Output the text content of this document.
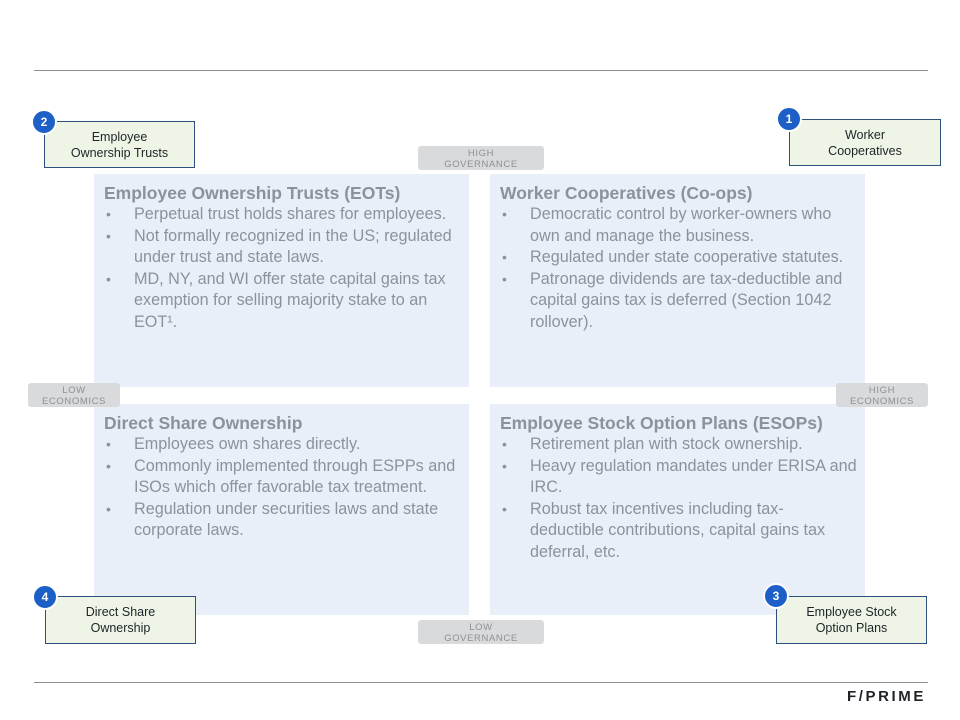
Employee Ownership Trusts (EOTs)
• Perpetual trust holds shares for employees.
• Not formally recognized in the US; regulated under trust and state laws.
• MD, NY, and WI offer state capital gains tax exemption for selling majority stake to an EOT¹.
Worker Cooperatives (Co-ops)
• Democratic control by worker-owners who own and manage the business.
• Regulated under state cooperative statutes.
• Patronage dividends are tax-deductible and capital gains tax is deferred (Section 1042 rollover).
Direct Share Ownership
• Employees own shares directly.
• Commonly implemented through ESPPs and ISOs which offer favorable tax treatment.
• Regulation under securities laws and state corporate laws.
Employee Stock Option Plans (ESOPs)
• Retirement plan with stock ownership.
• Heavy regulation mandates under ERISA and IRC.
• Robust tax incentives including tax-deductible contributions, capital gains tax deferral, etc.
HIGH
GOVERNANCE
LOW
GOVERNANCE
LOW
ECONOMICS
HIGH
ECONOMICS
Employee
Ownership Trusts
2
Worker
Cooperatives
1
Direct Share
Ownership
4
Employee Stock
Option Plans
3
F/PRIME
